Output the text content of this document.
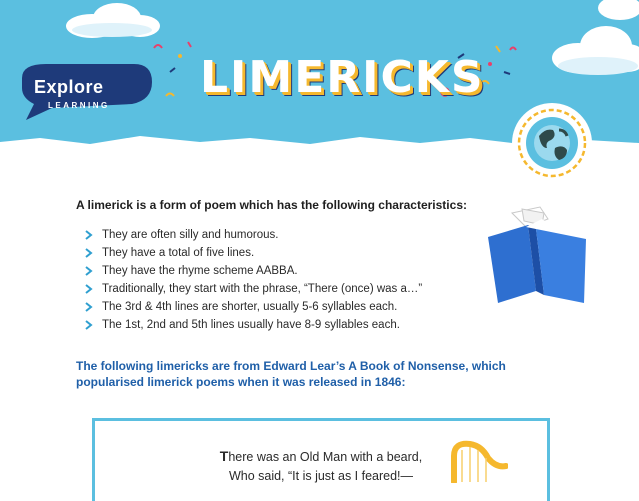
Explore
LEARNING
LIMERICKS
A limerick is a form of poem which has the following characteristics:
They are often silly and humorous.
They have a total of five lines.
They have the rhyme scheme AABBA.
Traditionally, they start with the phrase, “There (once) was a…”
The 3rd & 4th lines are shorter, usually 5-6 syllables each.
The 1st, 2nd and 5th lines usually have 8-9 syllables each.
The following limericks are from Edward Lear’s A Book of Nonsense, which popularised limerick poems when it was released in 1846:
There was an Old Man with a beard,
Who said, “It is just as I feared!—
